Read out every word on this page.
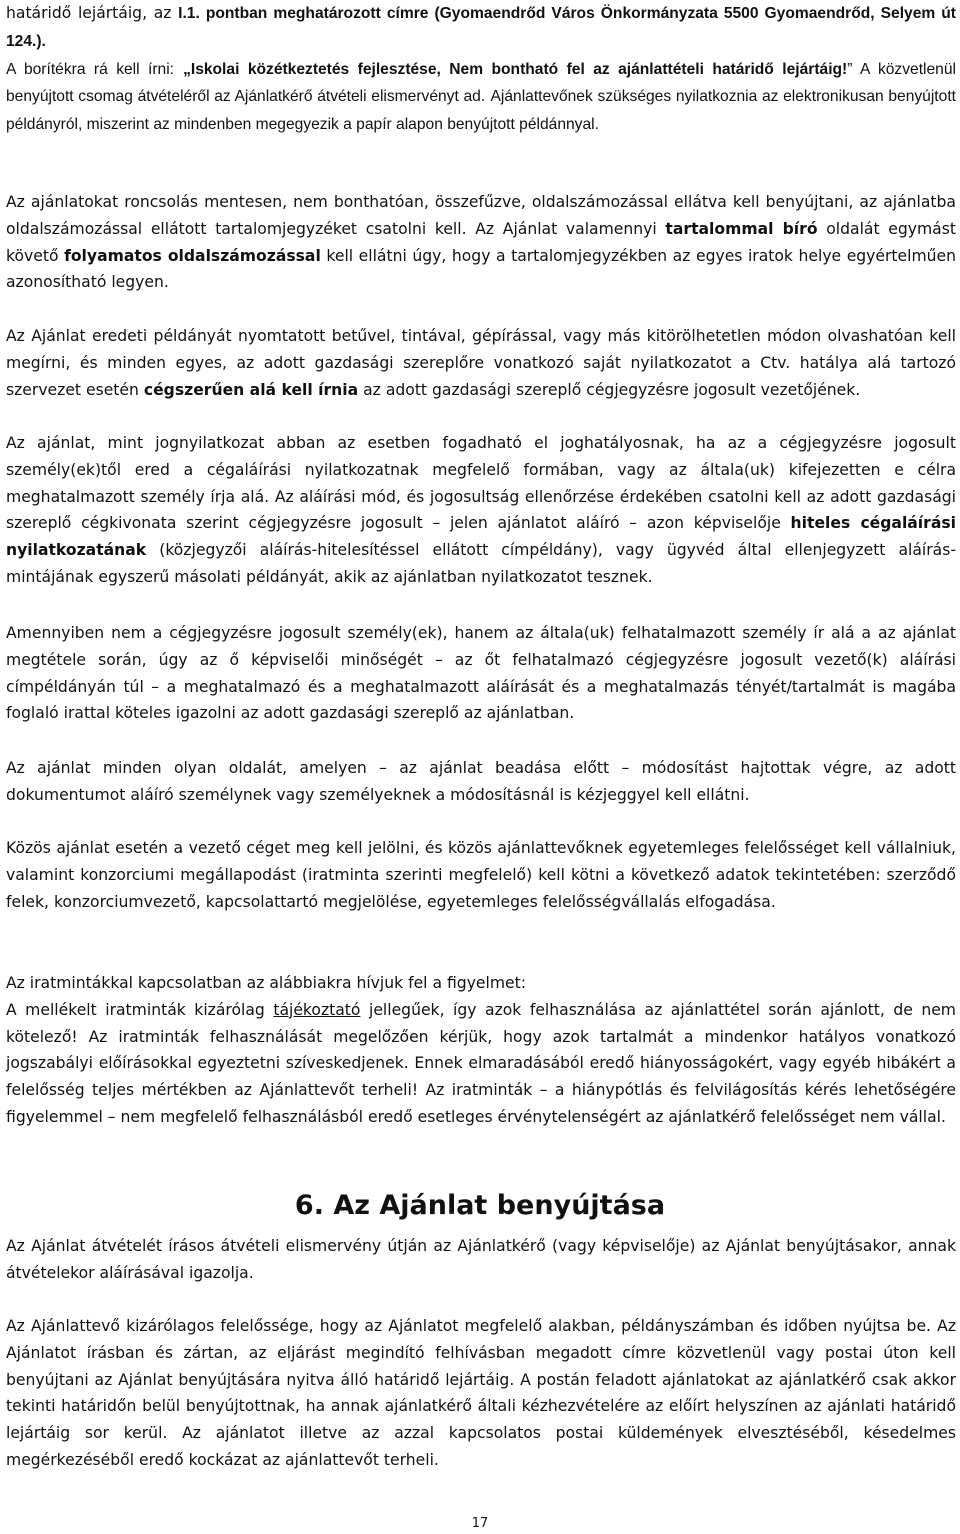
határidő lejártáig, az I.1. pontban meghatározott címre (Gyomaendrőd Város Önkormányzata 5500 Gyomaendrőd, Selyem út 124.).
A borítékra rá kell írni: „Iskolai közétkeztetés fejlesztése, Nem bontható fel az ajánlattételi határidő lejártáig!” A közvetlenül benyújtott csomag átvételéről az Ajánlatkérő átvételi elismervényt ad. Ajánlattevőnek szükséges nyilatkoznia az elektronikusan benyújtott példányról, miszerint az mindenben megegyezik a papír alapon benyújtott példánnyal.

Az ajánlatokat roncsolás mentesen, nem bonthatóan, összefűzve, oldalszámozással ellátva kell benyújtani, az ajánlatba oldalszámozással ellátott tartalomjegyzéket csatolni kell. Az Ajánlat valamennyi tartalommal bíró oldalát egymást követő folyamatos oldalszámozással kell ellátni úgy, hogy a tartalomjegyzékben az egyes iratok helye egyértelműen azonosítható legyen.

Az Ajánlat eredeti példányát nyomtatott betűvel, tintával, gépírással, vagy más kitörölhetetlen módon olvashatóan kell megírni, és minden egyes, az adott gazdasági szereplőre vonatkozó saját nyilatkozatot a Ctv. hatálya alá tartozó szervezet esetén cégszerűen alá kell írnia az adott gazdasági szereplő cégjegyzésre jogosult vezetőjének.

Az ajánlat, mint jognyilatkozat abban az esetben fogadható el joghatályosnak, ha az a cégjegyzésre jogosult személy(ek)től ered a cégaláírási nyilatkozatnak megfelelő formában, vagy az általa(uk) kifejezetten e célra meghatalmazott személy írja alá. Az aláírási mód, és jogosultság ellenőrzése érdekében csatolni kell az adott gazdasági szereplő cégkivonata szerint cégjegyzésre jogosult – jelen ajánlatot aláíró – azon képviselője hiteles cégaláírási nyilatkozatának (közjegyzői aláírás-hitelesítéssel ellátott címpéldány), vagy ügyvéd által ellenjegyzett aláírás-mintájának egyszerű másolati példányát, akik az ajánlatban nyilatkozatot tesznek.

Amennyiben nem a cégjegyzésre jogosult személy(ek), hanem az általa(uk) felhatalmazott személy ír alá a az ajánlat megtétele során, úgy az ő képviselői minőségét – az őt felhatalmazó cégjegyzésre jogosult vezető(k) aláírási címpéldányán túl – a meghatalmazó és a meghatalmazott aláírását és a meghatalmazás tényét/tartalmát is magába foglaló irattal köteles igazolni az adott gazdasági szereplő az ajánlatban.

Az ajánlat minden olyan oldalát, amelyen – az ajánlat beadása előtt – módosítást hajtottak végre, az adott dokumentumot aláíró személynek vagy személyeknek a módosításnál is kézjeggyel kell ellátni.

Közös ajánlat esetén a vezető céget meg kell jelölni, és közös ajánlattevőknek egyetemleges felelősséget kell vállalniuk, valamint konzorciumi megállapodást (iratminta szerinti megfelelő) kell kötni a következő adatok tekintetében: szerződő felek, konzorciumvezető, kapcsolattartó megjelölése, egyetemleges felelősségvállalás elfogadása.

Az iratmintákkal kapcsolatban az alábbiakra hívjuk fel a figyelmet:
A mellékelt iratminták kizárólag tájékoztató jellegűek, így azok felhasználása az ajánlattétel során ajánlott, de nem kötelező! Az iratminták felhasználását megelőzően kérjük, hogy azok tartalmát a mindenkor hatályos vonatkozó jogszabályi előírásokkal egyeztetni szíveskedjenek. Ennek elmaradásából eredő hiányosságokért, vagy egyéb hibákért a felelősség teljes mértékben az Ajánlattevőt terheli! Az iratminták – a hiánypótlás és felvilágosítás kérés lehetőségére figyelemmel – nem megfelelő felhasználásból eredő esetleges érvénytelenségért az ajánlatkérő felelősséget nem vállal.

6. Az Ajánlat benyújtása

Az Ajánlat átvételét írásos átvételi elismervény útján az Ajánlatkérő (vagy képviselője) az Ajánlat benyújtásakor, annak átvételekor aláírásával igazolja.

Az Ajánlattevő kizárólagos felelőssége, hogy az Ajánlatot megfelelő alakban, példányszámban és időben nyújtsa be. Az Ajánlatot írásban és zártan, az eljárást megindító felhívásban megadott címre közvetlenül vagy postai úton kell benyújtani az Ajánlat benyújtására nyitva álló határidő lejártáig. A postán feladott ajánlatokat az ajánlatkérő csak akkor tekinti határidőn belül benyújtottnak, ha annak ajánlatkérő általi kézhezvételére az előírt helyszínen az ajánlati határidő lejártáig sor kerül. Az ajánlatot illetve az azzal kapcsolatos postai küldemények elvesztéséből, késedelmes megérkezéséből eredő kockázat az ajánlattevőt terheli.

17
